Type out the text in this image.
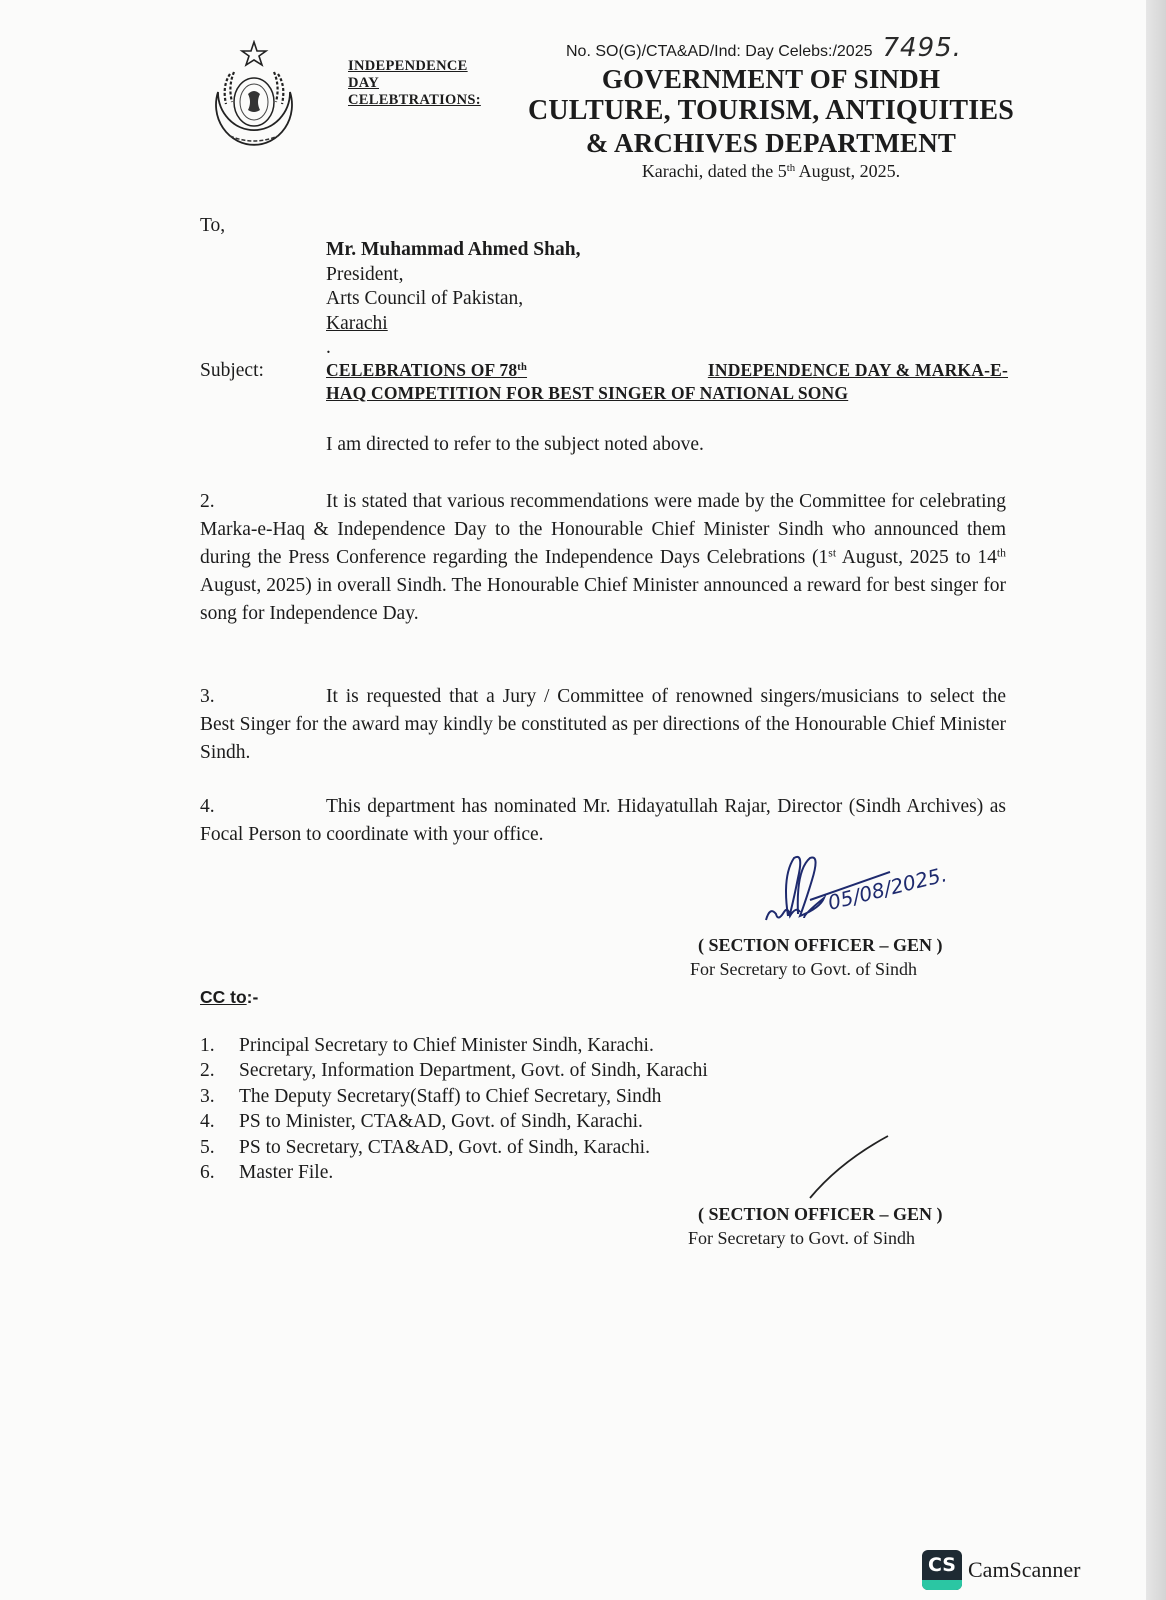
INDEPENDENCE
DAY
CELEBTRATIONS:
No. SO(G)/CTA&AD/Ind: Day Celebs:/2025 7495.
GOVERNMENT OF SINDH
CULTURE, TOURISM, ANTIQUITIES
& ARCHIVES DEPARTMENT
Karachi, dated the 5th August, 2025.
To,
Mr. Muhammad Ahmed Shah,
President,
Arts Council of Pakistan,
Karachi
.
Subject:	CELEBRATIONS OF 78th	INDEPENDENCE DAY & MARKA-E-
HAQ COMPETITION FOR BEST SINGER OF NATIONAL SONG
I am directed to refer to the subject noted above.
2.	It is stated that various recommendations were made by the Committee for celebrating Marka-e-Haq & Independence Day to the Honourable Chief Minister Sindh who announced them during the Press Conference regarding the Independence Days Celebrations (1st August, 2025 to 14th August, 2025) in overall Sindh. The Honourable Chief Minister announced a reward for best singer for song for Independence Day.
3.	It is requested that a Jury / Committee of renowned singers/musicians to select the Best Singer for the award may kindly be constituted as per directions of the Honourable Chief Minister Sindh.
4.	This department has nominated Mr. Hidayatullah Rajar, Director (Sindh Archives) as Focal Person to coordinate with your office.
05/08/2025.
( SECTION OFFICER – GEN )
For Secretary to Govt. of Sindh
CC to:-
1. Principal Secretary to Chief Minister Sindh, Karachi.
2. Secretary, Information Department, Govt. of Sindh, Karachi
3. The Deputy Secretary(Staff) to Chief Secretary, Sindh
4. PS to Minister, CTA&AD, Govt. of Sindh, Karachi.
5. PS to Secretary, CTA&AD, Govt. of Sindh, Karachi.
6. Master File.
( SECTION OFFICER – GEN )
For Secretary to Govt. of Sindh
CS CamScanner
